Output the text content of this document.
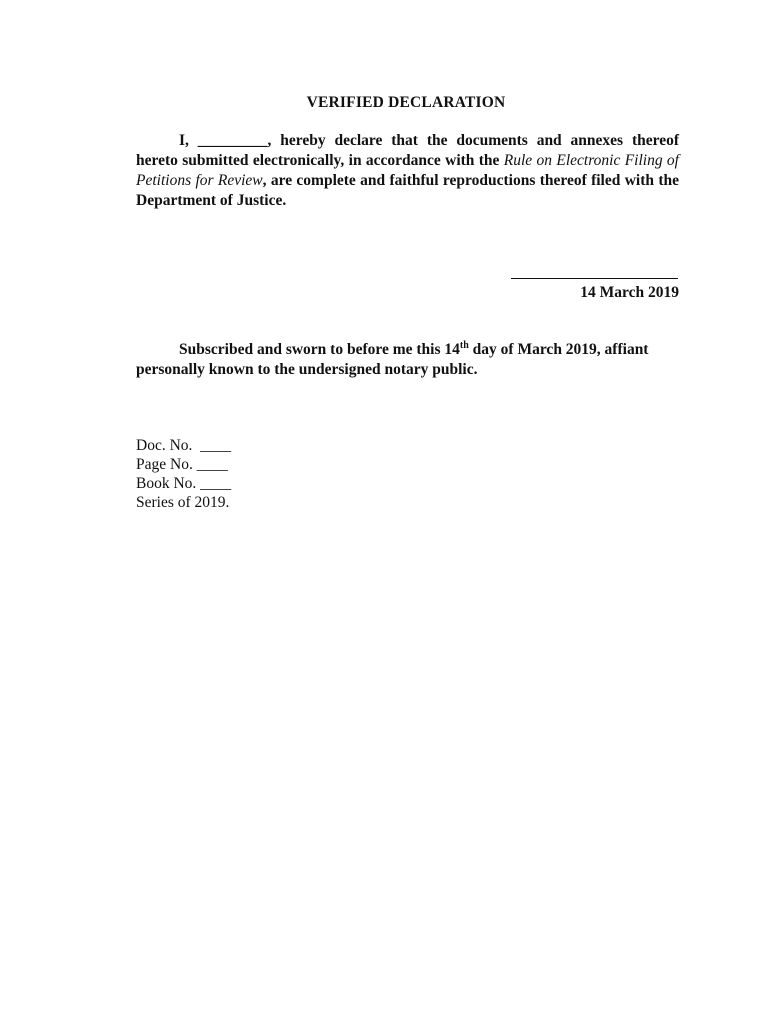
VERIFIED DECLARATION

I, _________, hereby declare that the documents and annexes thereof hereto submitted electronically, in accordance with the Rule on Electronic Filing of Petitions for Review, are complete and faithful reproductions thereof filed with the Department of Justice.

14 March 2019

Subscribed and sworn to before me this 14th day of March 2019, affiant personally known to the undersigned notary public.

Doc. No.  ____
Page No. ____
Book No. ____
Series of 2019.
